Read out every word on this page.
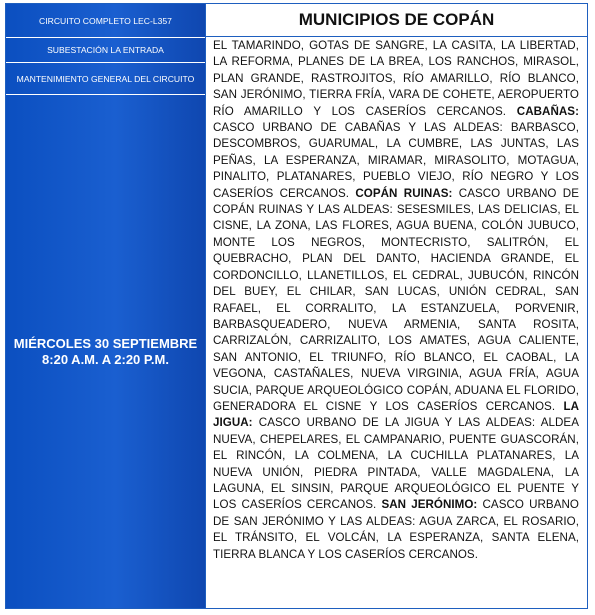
CIRCUITO COMPLETO LEC-L357
SUBESTACIÓN LA ENTRADA
MANTENIMIENTO GENERAL DEL CIRCUITO
MIÉRCOLES 30 SEPTIEMBRE
8:20 A.M. A 2:20 P.M.
MUNICIPIOS DE COPÁN
EL TAMARINDO, GOTAS DE SANGRE, LA CASITA, LA LIBERTAD, LA REFORMA, PLANES DE LA BREA, LOS RANCHOS, MIRASOL, PLAN GRANDE, RASTROJITOS, RÍO AMARILLO, RÍO BLANCO, SAN JERÓNIMO, TIERRA FRÍA, VARA DE COHETE, AEROPUERTO RÍO AMARILLO Y LOS CASERÍOS CERCANOS. CABAÑAS: CASCO URBANO DE CABAÑAS Y LAS ALDEAS: BARBASCO, DESCOMBROS, GUARUMAL, LA CUMBRE, LAS JUNTAS, LAS PEÑAS, LA ESPERANZA, MIRAMAR, MIRASOLITO, MOTAGUA, PINALITO, PLATANARES, PUEBLO VIEJO, RÍO NEGRO Y LOS CASERÍOS CERCANOS. COPÁN RUINAS: CASCO URBANO DE COPÁN RUINAS Y LAS ALDEAS: SESESMILES, LAS DELICIAS, EL CISNE, LA ZONA, LAS FLORES, AGUA BUENA, COLÓN JUBUCO, MONTE LOS NEGROS, MONTECRISTO, SALITRÓN, EL QUEBRACHO, PLAN DEL DANTO, HACIENDA GRANDE, EL CORDONCILLO, LLANETILLOS, EL CEDRAL, JUBUCÓN, RINCÓN DEL BUEY, EL CHILAR, SAN LUCAS, UNIÓN CEDRAL, SAN RAFAEL, EL CORRALITO, LA ESTANZUELA, PORVENIR, BARBASQUEADERO, NUEVA ARMENIA, SANTA ROSITA, CARRIZALÓN, CARRIZALITO, LOS AMATES, AGUA CALIENTE, SAN ANTONIO, EL TRIUNFO, RÍO BLANCO, EL CAOBAL, LA VEGONA, CASTAÑALES, NUEVA VIRGINIA, AGUA FRÍA, AGUA SUCIA, PARQUE ARQUEOLÓGICO COPÁN, ADUANA EL FLORIDO, GENERADORA EL CISNE Y LOS CASERÍOS CERCANOS. LA JIGUA: CASCO URBANO DE LA JIGUA Y LAS ALDEAS: ALDEA NUEVA, CHEPELARES, EL CAMPANARIO, PUENTE GUASCORÁN, EL RINCÓN, LA COLMENA, LA CUCHILLA PLATANARES, LA NUEVA UNIÓN, PIEDRA PINTADA, VALLE MAGDALENA, LA LAGUNA, EL SINSIN, PARQUE ARQUEOLÓGICO EL PUENTE Y LOS CASERÍOS CERCANOS. SAN JERÓNIMO: CASCO URBANO DE SAN JERÓNIMO Y LAS ALDEAS: AGUA ZARCA, EL ROSARIO, EL TRÁNSITO, EL VOLCÁN, LA ESPERANZA, SANTA ELENA, TIERRA BLANCA Y LOS CASERÍOS CERCANOS.
